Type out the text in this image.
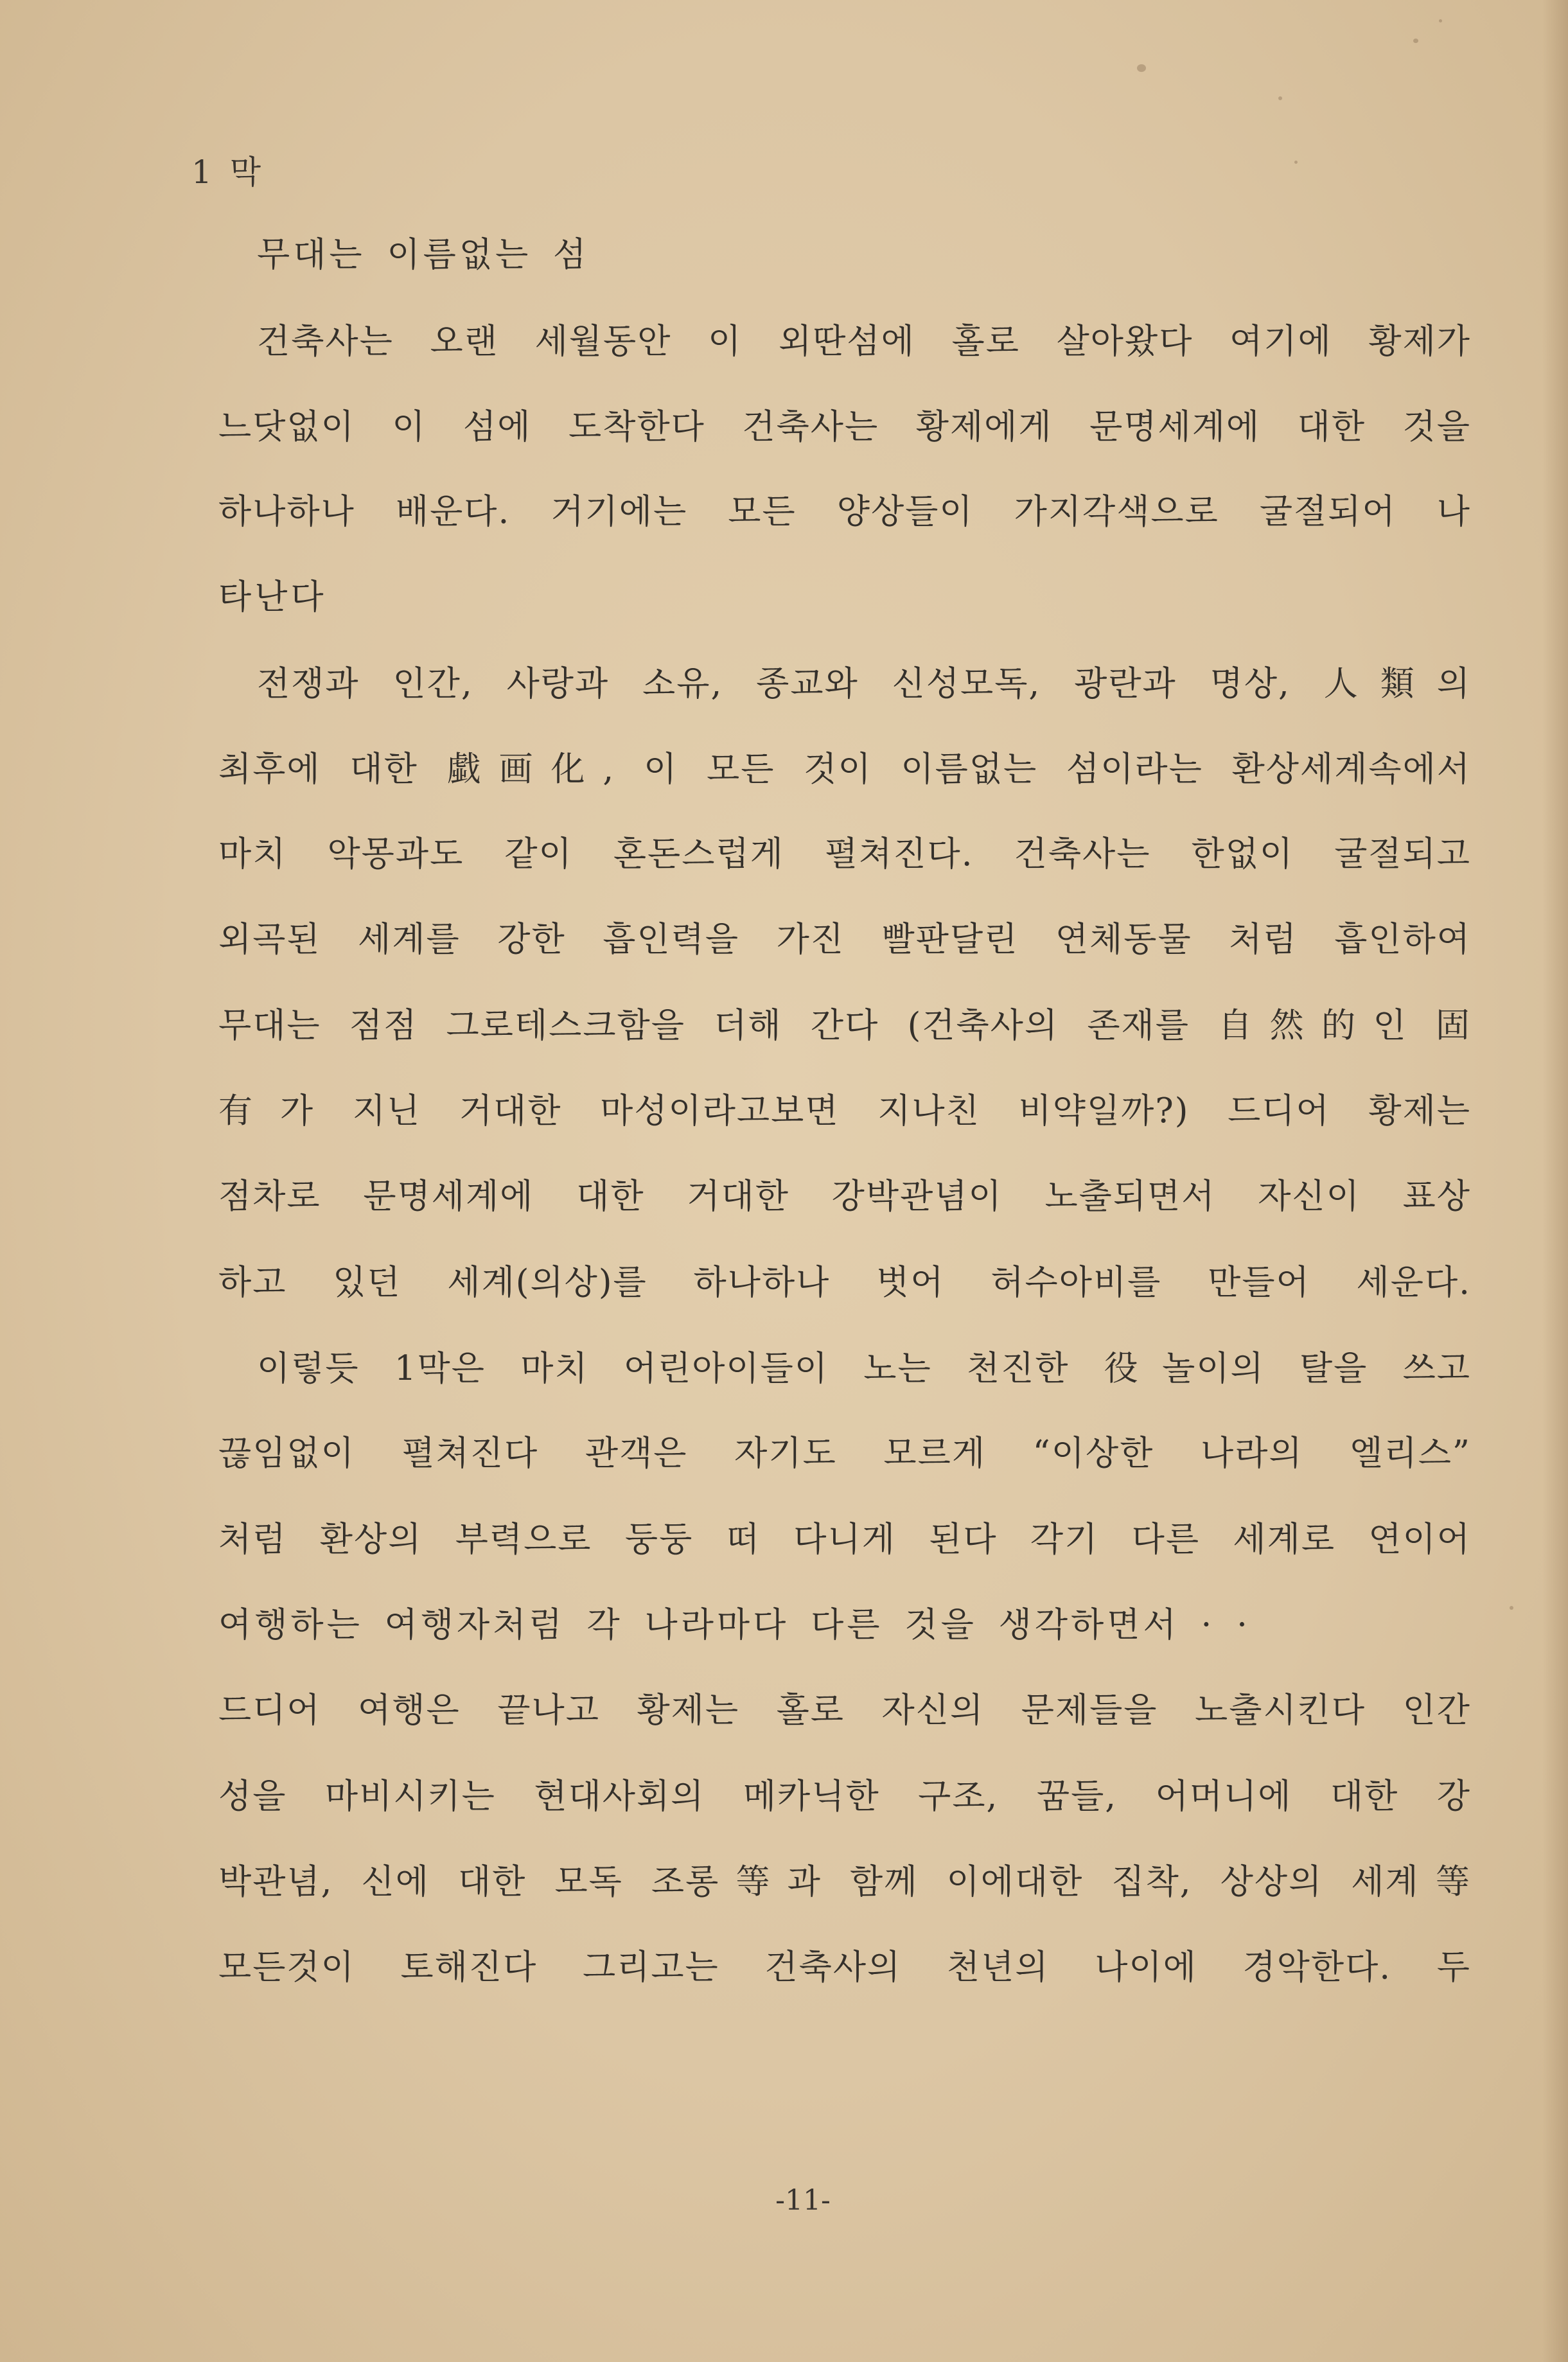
1 막
무대는 이름없는 섬
건축사는 오랜 세월동안 이 외딴섬에 홀로 살아왔다 여기에 황제가
느닷없이 이 섬에 도착한다 건축사는 황제에게 문명세계에 대한 것을
하나하나 배운다. 거기에는 모든 양상들이 가지각색으로 굴절되어 나
타난다
전쟁과 인간, 사랑과 소유, 종교와 신성모독, 광란과 명상, 人類의
최후에 대한 戱画化, 이 모든 것이 이름없는 섬이라는 환상세계속에서
마치 악몽과도 같이 혼돈스럽게 펼쳐진다. 건축사는 한없이 굴절되고
외곡된 세계를 강한 흡인력을 가진 빨판달린 연체동물 처럼 흡인하여
무대는 점점 그로테스크함을 더해 간다 (건축사의 존재를 自然的인 固
有가 지닌 거대한 마성이라고보면 지나친 비약일까?) 드디어 황제는
점차로 문명세계에 대한 거대한 강박관념이 노출되면서 자신이 표상
하고 있던 세계(의상)를 하나하나 벗어 허수아비를 만들어 세운다.
이렇듯 1막은 마치 어린아이들이 노는 천진한 役놀이의 탈을 쓰고
끊임없이 펼쳐진다 관객은 자기도 모르게 “이상한 나라의 엘리스”
처럼 환상의 부력으로 둥둥 떠 다니게 된다 각기 다른 세계로 연이어
여행하는 여행자처럼 각 나라마다 다른 것을 생각하면서 · ·
드디어 여행은 끝나고 황제는 홀로 자신의 문제들을 노출시킨다 인간
성을 마비시키는 현대사회의 메카닉한 구조, 꿈들, 어머니에 대한 강
박관념, 신에 대한 모독 조롱等과 함께 이에대한 집착, 상상의 세계等
모든것이 토해진다 그리고는 건축사의 천년의 나이에 경악한다. 두
-11-
